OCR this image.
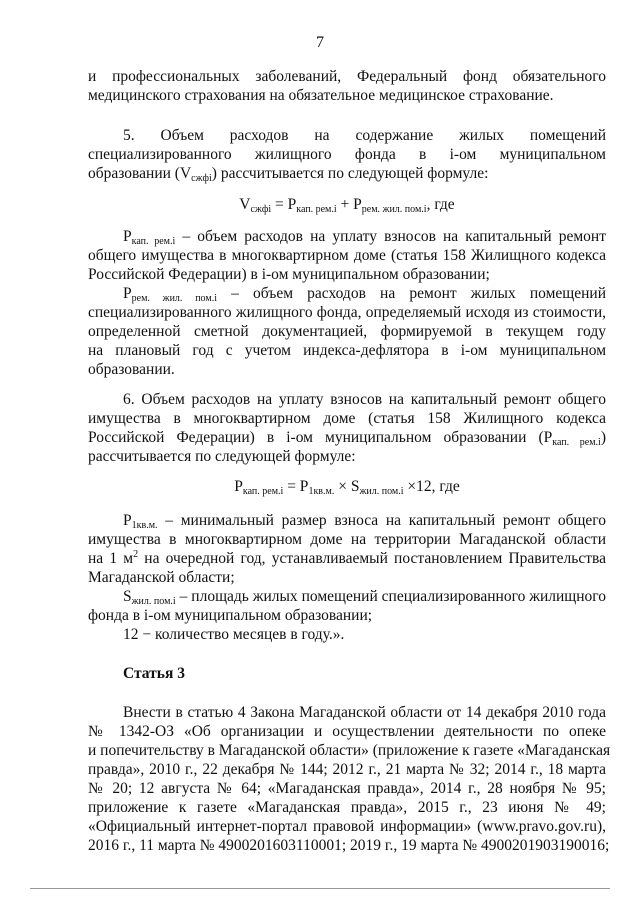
7
и профессиональных заболеваний, Федеральный фонд обязательного
медицинского страхования на обязательное медицинское страхование.
5. Объем расходов на содержание жилых помещений
специализированного жилищного фонда в i-ом муниципальном
образовании $(V_{сжфi})$ рассчитывается по следующей формуле:
$V_{сжфi} = P_{кап. рем.i} + P_{рем. жил. пом.i}$, где
$P_{кап. рем.i}$ – объем расходов на уплату взносов на капитальный ремонт
общего имущества в многоквартирном доме (статья 158 Жилищного кодекса
Российской Федерации) в i-ом муниципальном образовании;
$P_{рем. жил. пом.i}$ – объем расходов на ремонт жилых помещений
специализированного жилищного фонда, определяемый исходя из стоимости,
определенной сметной документацией, формируемой в текущем году
на плановый год с учетом индекса-дефлятора в i-ом муниципальном
образовании.
6. Объем расходов на уплату взносов на капитальный ремонт общего
имущества в многоквартирном доме (статья 158 Жилищного кодекса
Российской Федерации) в i-ом муниципальном образовании $(P_{кап. рем.i})$
рассчитывается по следующей формуле:
$P_{кап. рем.i} = P_{1кв.м.} \times S_{жил. пом.i} \times 12$, где
$P_{1кв.м.}$ – минимальный размер взноса на капитальный ремонт общего
имущества в многоквартирном доме на территории Магаданской области
на 1 $м^2$ на очередной год, устанавливаемый постановлением Правительства
Магаданской области;
$S_{жил. пом.i}$ – площадь жилых помещений специализированного жилищного
фонда в i-ом муниципальном образовании;
12 − количество месяцев в году.».
Статья 3
Внести в статью 4 Закона Магаданской области от 14 декабря 2010 года
№ 1342-ОЗ «Об организации и осуществлении деятельности по опеке
и попечительству в Магаданской области» (приложение к газете «Магаданская
правда», 2010 г., 22 декабря № 144; 2012 г., 21 марта № 32; 2014 г., 18 марта
№ 20; 12 августа № 64; «Магаданская правда», 2014 г., 28 ноября № 95;
приложение к газете «Магаданская правда», 2015 г., 23 июня № 49;
«Официальный интернет-портал правовой информации» (www.pravo.gov.ru),
2016 г., 11 марта № 4900201603110001; 2019 г., 19 марта № 4900201903190016;
